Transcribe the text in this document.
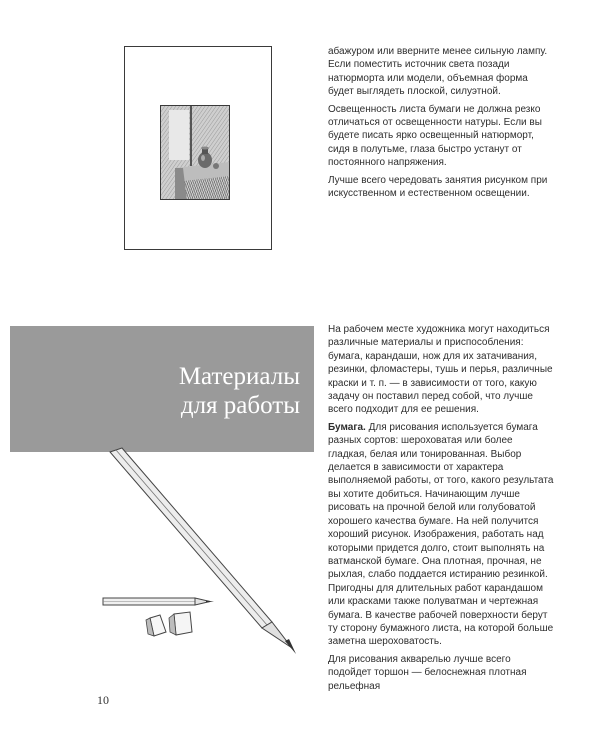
абажуром или вверните менее сильную лампу. Если поместить источник света позади натюрморта или модели, объемная форма будет выглядеть плоской, силуэтной.

Освещенность листа бумаги не должна резко отличаться от освещенности натуры. Если вы будете писать ярко освещенный натюрморт, сидя в полутьме, глаза быстро устанут от постоянного напряжения.

Лучше всего чередовать занятия рисунком при искусственном и естественном освещении.

Материалы
для работы

На рабочем месте художника могут находиться различные материалы и приспособления: бумага, карандаши, нож для их затачивания, резинки, фломастеры, тушь и перья, различные краски и т. п. — в зависимости от того, какую задачу он поставил перед собой, что лучше всего подходит для ее решения.

Бумага. Для рисования используется бумага разных сортов: шероховатая или более гладкая, белая или тонированная. Выбор делается в зависимости от характера выполняемой работы, от того, какого результата вы хотите добиться. Начинающим лучше рисовать на прочной белой или голубоватой хорошего качества бумаге. На ней получится хороший рисунок. Изображения, работать над которыми придется долго, стоит выполнять на ватманской бумаге. Она плотная, прочная, не рыхлая, слабо поддается истиранию резинкой. Пригодны для длительных работ карандашом или красками также полуватман и чертежная бумага. В качестве рабочей поверхности берут ту сторону бумажного листа, на которой больше заметна шероховатость.

Для рисования акварелью лучше всего подойдет торшон — белоснежная плотная рельефная

10
